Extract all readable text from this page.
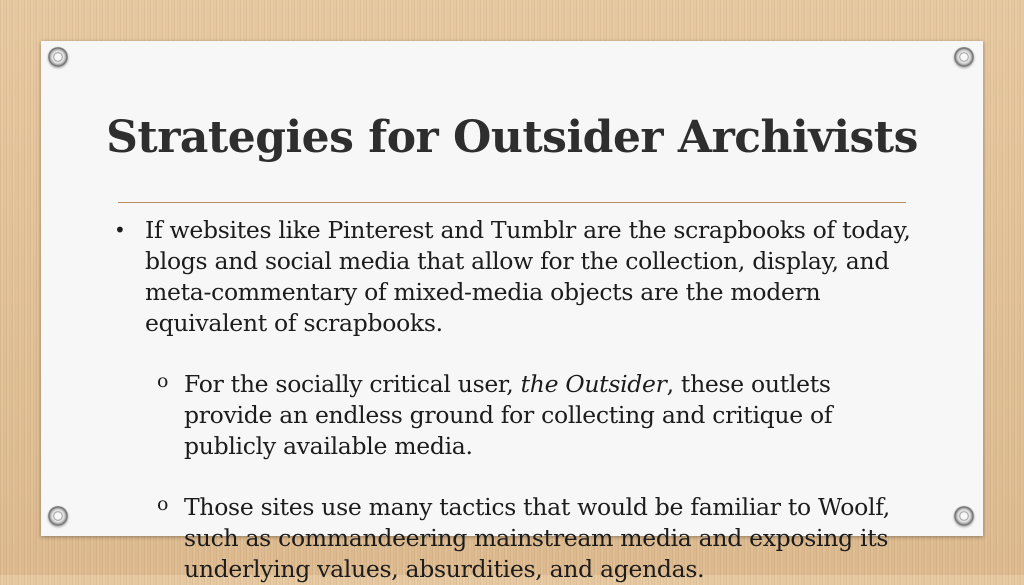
Strategies for Outsider Archivists
• If websites like Pinterest and Tumblr are the scrapbooks of today, blogs and social media that allow for the collection, display, and meta-commentary of mixed-media objects are the modern equivalent of scrapbooks.

o For the socially critical user, the Outsider, these outlets provide an endless ground for collecting and critique of publicly available media.

o Those sites use many tactics that would be familiar to Woolf, such as commandeering mainstream media and exposing its underlying values, absurdities, and agendas.
